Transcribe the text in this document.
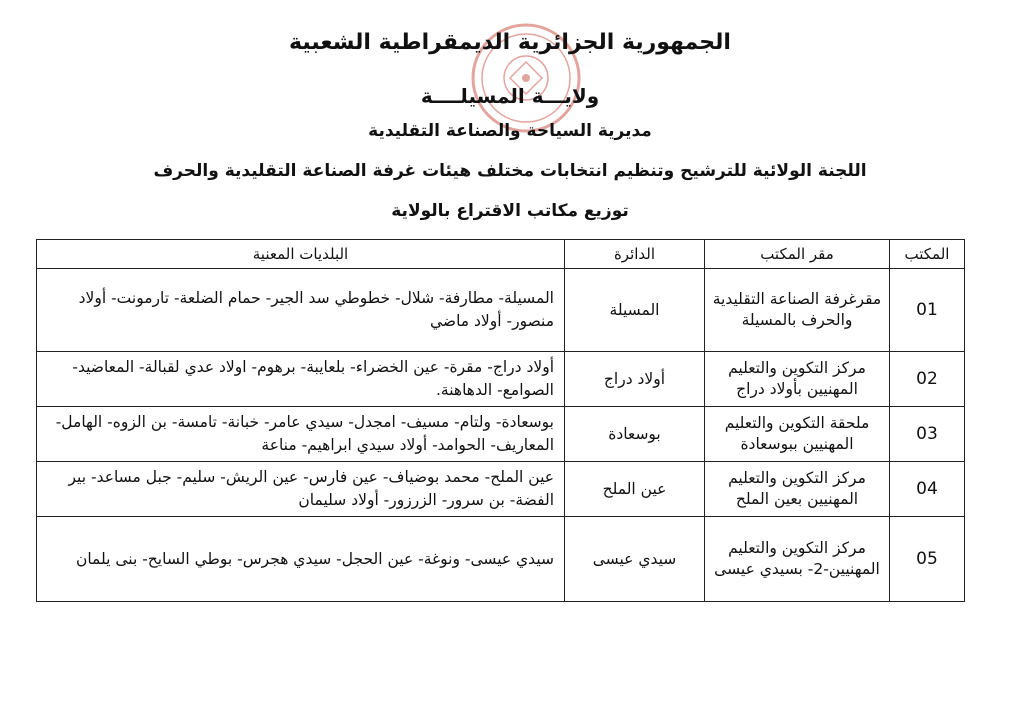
الجمهورية الجزائرية الديمقراطية الشعبية
ولايـــة المسيلــــة
مديرية السياحة والصناعة التقليدية
اللجنة الولائية للترشيح وتنظيم انتخابات مختلف هيئات غرفة الصناعة التقليدية والحرف
توزيع مكاتب الاقتراع بالولاية
المكتب	مقر المكتب	الدائرة	البلديات المعنية
01	مقرغرفة الصناعة التقليدية والحرف بالمسيلة	المسيلة	المسيلة- مطارفة- شلال- خطوطي سد الجير- حمام الضلعة- تارمونت- أولاد منصور- أولاد ماضي
02	مركز التكوين والتعليم المهنيين بأولاد دراج	أولاد دراج	أولاد دراج- مقرة- عين الخضراء- بلعايبة- برهوم- اولاد عدي لقبالة- المعاضيد- الصوامع- الدهاهنة.
03	ملحقة التكوين والتعليم المهنيين ببوسعادة	بوسعادة	بوسعادة- ولتام- مسيف- امجدل- سيدي عامر- خبانة- تامسة- بن الزوه- الهامل- المعاريف- الحوامد- أولاد سيدي ابراهيم- مناعة
04	مركز التكوين والتعليم المهنيين بعين الملح	عين الملح	عين الملح- محمد بوضياف- عين فارس- عين الريش- سليم- جبل مساعد- بير الفضة- بن سرور- الزرزور- أولاد سليمان
05	مركز التكوين والتعليم المهنيين-2- بسيدي عيسى	سيدي عيسى	سيدي عيسى- ونوغة- عين الحجل- سيدي هجرس- بوطي السايح- بنى يلمان
